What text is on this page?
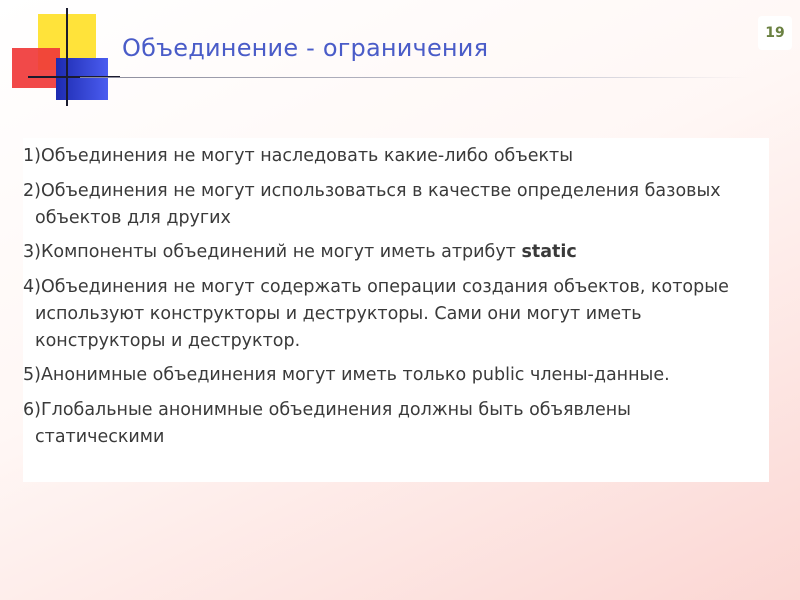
Объединение - ограничения
19
1)Объединения не могут наследовать какие-либо объекты
2)Объединения не могут использоваться в качестве определения базовых объектов для других
3)Компоненты объединений не могут иметь атрибут static
4)Объединения не могут содержать операции создания объектов, которые используют конструкторы и деструкторы. Сами они могут иметь конструкторы и деструктор.
5)Анонимные объединения могут иметь только public члены-данные.
6)Глобальные анонимные объединения должны быть объявлены статическими
